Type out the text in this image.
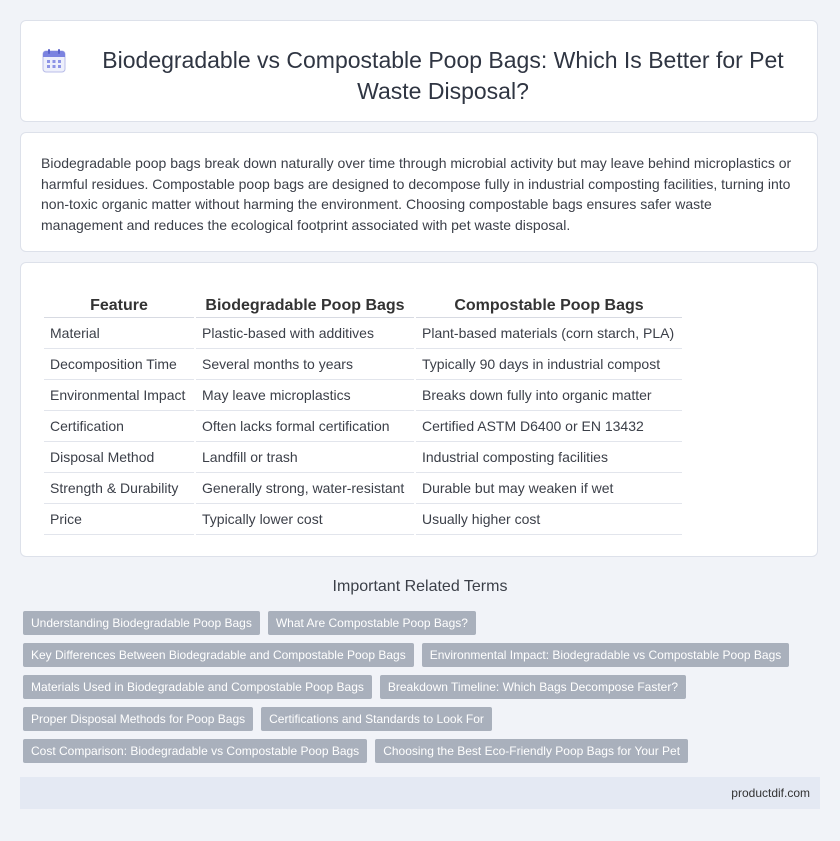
Biodegradable vs Compostable Poop Bags: Which Is Better for Pet Waste Disposal?

Biodegradable poop bags break down naturally over time through microbial activity but may leave behind microplastics or harmful residues. Compostable poop bags are designed to decompose fully in industrial composting facilities, turning into non-toxic organic matter without harming the environment. Choosing compostable bags ensures safer waste management and reduces the ecological footprint associated with pet waste disposal.

Feature	Biodegradable Poop Bags	Compostable Poop Bags
Material	Plastic-based with additives	Plant-based materials (corn starch, PLA)
Decomposition Time	Several months to years	Typically 90 days in industrial compost
Environmental Impact	May leave microplastics	Breaks down fully into organic matter
Certification	Often lacks formal certification	Certified ASTM D6400 or EN 13432
Disposal Method	Landfill or trash	Industrial composting facilities
Strength & Durability	Generally strong, water-resistant	Durable but may weaken if wet
Price	Typically lower cost	Usually higher cost
Important Related Terms
Understanding Biodegradable Poop Bags	What Are Compostable Poop Bags?
Key Differences Between Biodegradable and Compostable Poop Bags	Environmental Impact: Biodegradable vs Compostable Poop Bags
Materials Used in Biodegradable and Compostable Poop Bags	Breakdown Timeline: Which Bags Decompose Faster?
Proper Disposal Methods for Poop Bags	Certifications and Standards to Look For
Cost Comparison: Biodegradable vs Compostable Poop Bags	Choosing the Best Eco-Friendly Poop Bags for Your Pet
productdif.com
